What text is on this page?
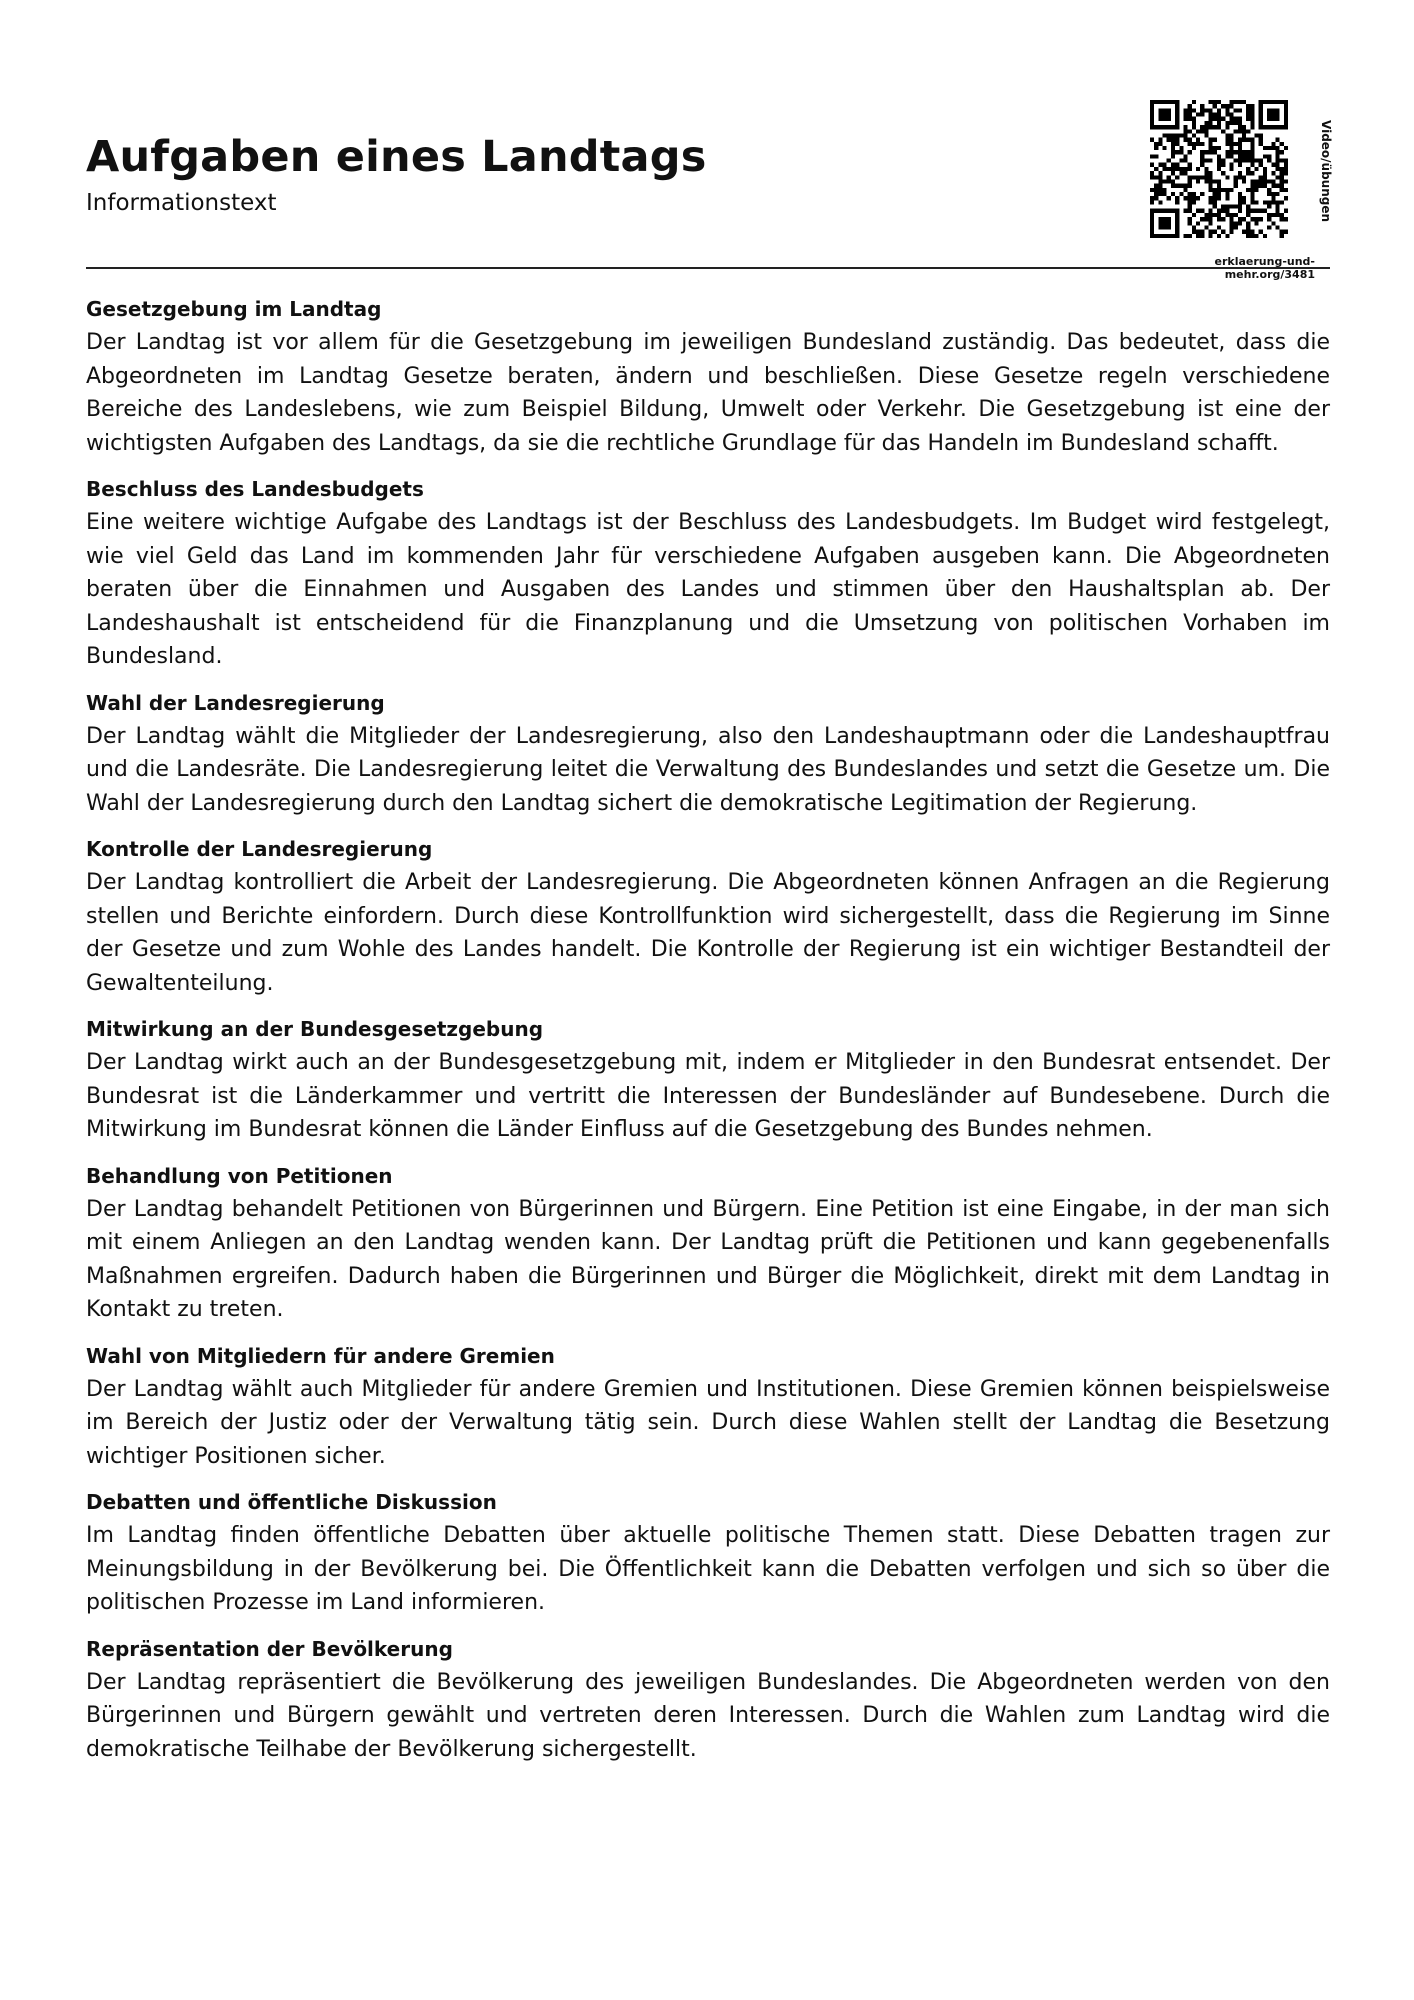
Aufgaben eines Landtags
Informationstext	Video/übungen
erklaerung-und-mehr.org/3481
Gesetzgebung im Landtag

Der Landtag ist vor allem für die Gesetzgebung im jeweiligen Bundesland zuständig. Das bedeutet, dass die Abgeordneten im Landtag Gesetze beraten, ändern und beschließen. Diese Gesetze regeln verschiedene Bereiche des Landeslebens, wie zum Beispiel Bildung, Umwelt oder Verkehr. Die Gesetzgebung ist eine der wichtigsten Aufgaben des Landtags, da sie die rechtliche Grundlage für das Handeln im Bundesland schafft.

Beschluss des Landesbudgets

Eine weitere wichtige Aufgabe des Landtags ist der Beschluss des Landesbudgets. Im Budget wird festgelegt, wie viel Geld das Land im kommenden Jahr für verschiedene Aufgaben ausgeben kann. Die Abgeordneten beraten über die Einnahmen und Ausgaben des Landes und stimmen über den Haushaltsplan ab. Der Landeshaushalt ist entscheidend für die Finanzplanung und die Umsetzung von politischen Vorhaben im Bundesland.

Wahl der Landesregierung

Der Landtag wählt die Mitglieder der Landesregierung, also den Landeshauptmann oder die Landeshauptfrau und die Landesräte. Die Landesregierung leitet die Verwaltung des Bundeslandes und setzt die Gesetze um. Die Wahl der Landesregierung durch den Landtag sichert die demokratische Legitimation der Regierung.

Kontrolle der Landesregierung

Der Landtag kontrolliert die Arbeit der Landesregierung. Die Abgeordneten können Anfragen an die Regierung stellen und Berichte einfordern. Durch diese Kontrollfunktion wird sichergestellt, dass die Regierung im Sinne der Gesetze und zum Wohle des Landes handelt. Die Kontrolle der Regierung ist ein wichtiger Bestandteil der Gewaltenteilung.

Mitwirkung an der Bundesgesetzgebung

Der Landtag wirkt auch an der Bundesgesetzgebung mit, indem er Mitglieder in den Bundesrat entsendet. Der Bundesrat ist die Länderkammer und vertritt die Interessen der Bundesländer auf Bundesebene. Durch die Mitwirkung im Bundesrat können die Länder Einfluss auf die Gesetzgebung des Bundes nehmen.

Behandlung von Petitionen

Der Landtag behandelt Petitionen von Bürgerinnen und Bürgern. Eine Petition ist eine Eingabe, in der man sich mit einem Anliegen an den Landtag wenden kann. Der Landtag prüft die Petitionen und kann gegebenenfalls Maßnahmen ergreifen. Dadurch haben die Bürgerinnen und Bürger die Möglichkeit, direkt mit dem Landtag in Kontakt zu treten.

Wahl von Mitgliedern für andere Gremien

Der Landtag wählt auch Mitglieder für andere Gremien und Institutionen. Diese Gremien können beispielsweise im Bereich der Justiz oder der Verwaltung tätig sein. Durch diese Wahlen stellt der Landtag die Besetzung wichtiger Positionen sicher.

Debatten und öffentliche Diskussion

Im Landtag finden öffentliche Debatten über aktuelle politische Themen statt. Diese Debatten tragen zur Meinungsbildung in der Bevölkerung bei. Die Öffentlichkeit kann die Debatten verfolgen und sich so über die politischen Prozesse im Land informieren.

Repräsentation der Bevölkerung

Der Landtag repräsentiert die Bevölkerung des jeweiligen Bundeslandes. Die Abgeordneten werden von den Bürgerinnen und Bürgern gewählt und vertreten deren Interessen. Durch die Wahlen zum Landtag wird die demokratische Teilhabe der Bevölkerung sichergestellt.
